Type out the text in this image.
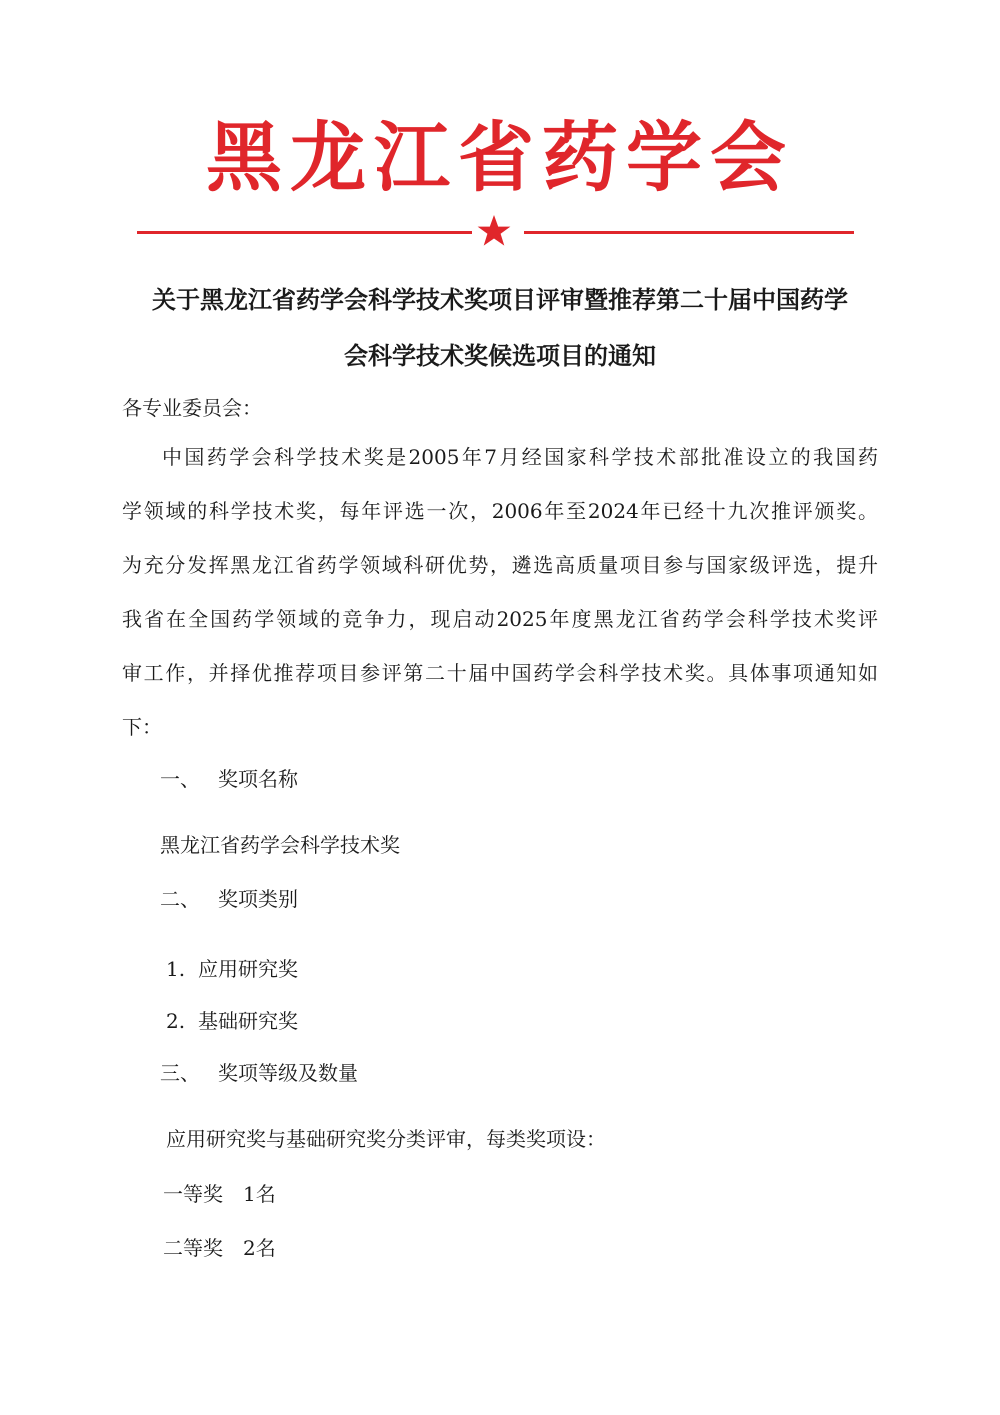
黑龙江省药学会
关于黑龙江省药学会科学技术奖项目评审暨推荐第二十届中国药学
会科学技术奖候选项目的通知
各专业委员会：
中国药学会科学技术奖是2005年7月经国家科学技术部批准设立的我国药
学领域的科学技术奖，每年评选一次，2006年至2024年已经十九次推评颁奖。
为充分发挥黑龙江省药学领域科研优势，遴选高质量项目参与国家级评选，提升
我省在全国药学领域的竞争力，现启动2025年度黑龙江省药学会科学技术奖评
审工作，并择优推荐项目参评第二十届中国药学会科学技术奖。具体事项通知如
下：
一、 奖项名称
黑龙江省药学会科学技术奖
二、 奖项类别
1. 应用研究奖
2. 基础研究奖
三、 奖项等级及数量
应用研究奖与基础研究奖分类评审，每类奖项设：
一等奖 1名
二等奖 2名
